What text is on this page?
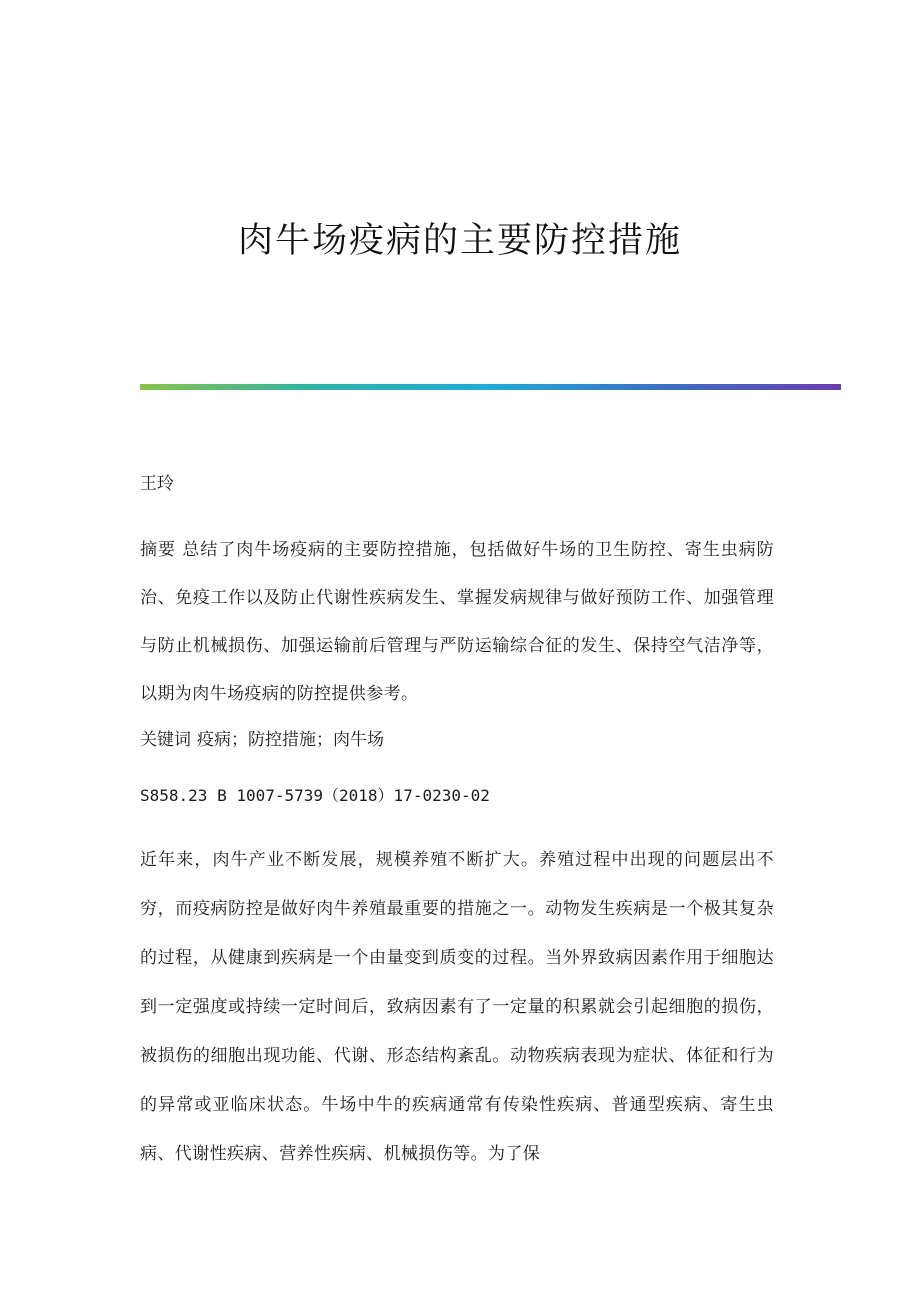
肉牛场疫病的主要防控措施
王玲
摘要 总结了肉牛场疫病的主要防控措施，包括做好牛场的卫生防控、寄生虫病防治、免疫工作以及防止代谢性疾病发生、掌握发病规律与做好预防工作、加强管理与防止机械损伤、加强运输前后管理与严防运输综合征的发生、保持空气洁净等，以期为肉牛场疫病的防控提供参考。
关键词 疫病；防控措施；肉牛场
S858.23 B 1007-5739（2018）17-0230-02
近年来，肉牛产业不断发展，规模养殖不断扩大。养殖过程中出现的问题层出不穷，而疫病防控是做好肉牛养殖最重要的措施之一。动物发生疾病是一个极其复杂的过程，从健康到疾病是一个由量变到质变的过程。当外界致病因素作用于细胞达到一定强度或持续一定时间后，致病因素有了一定量的积累就会引起细胞的损伤，被损伤的细胞出现功能、代谢、形态结构紊乱。动物疾病表现为症状、体征和行为的异常或亚临床状态。牛场中牛的疾病通常有传染性疾病、普通型疾病、寄生虫病、代谢性疾病、营养性疾病、机械损伤等。为了保
